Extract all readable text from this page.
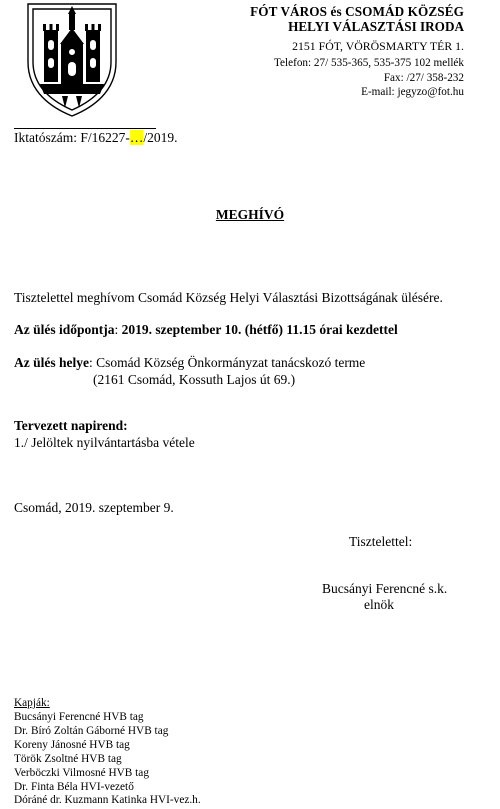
FÓT VÁROS és CSOMÁD KÖZSÉG
HELYI VÁLASZTÁSI IRODA
2151 FÓT, VÖRÖSMARTY TÉR 1.
Telefon: 27/ 535-365, 535-375 102 mellék
Fax: /27/ 358-232
E-mail: jegyzo@fot.hu
Iktatószám: F/16227-…/2019.
MEGHÍVÓ
Tisztelettel meghívom Csomád Község Helyi Választási Bizottságának ülésére.
Az ülés időpontja: 2019. szeptember 10. (hétfő) 11.15 órai kezdettel
Az ülés helye: Csomád Község Önkormányzat tanácskozó terme
(2161 Csomád, Kossuth Lajos út 69.)
Tervezett napirend:
1./ Jelöltek nyilvántartásba vétele
Csomád, 2019. szeptember 9.
Tisztelettel:
Bucsányi Ferencné s.k.
elnök
Kapják:
Bucsányi Ferencné HVB tag
Dr. Bíró Zoltán Gáborné HVB tag
Koreny Jánosné HVB tag
Török Zsoltné HVB tag
Verböczki Vilmosné HVB tag
Dr. Finta Béla HVI-vezető
Dóráné dr. Kuzmann Katinka HVI-vez.h.
